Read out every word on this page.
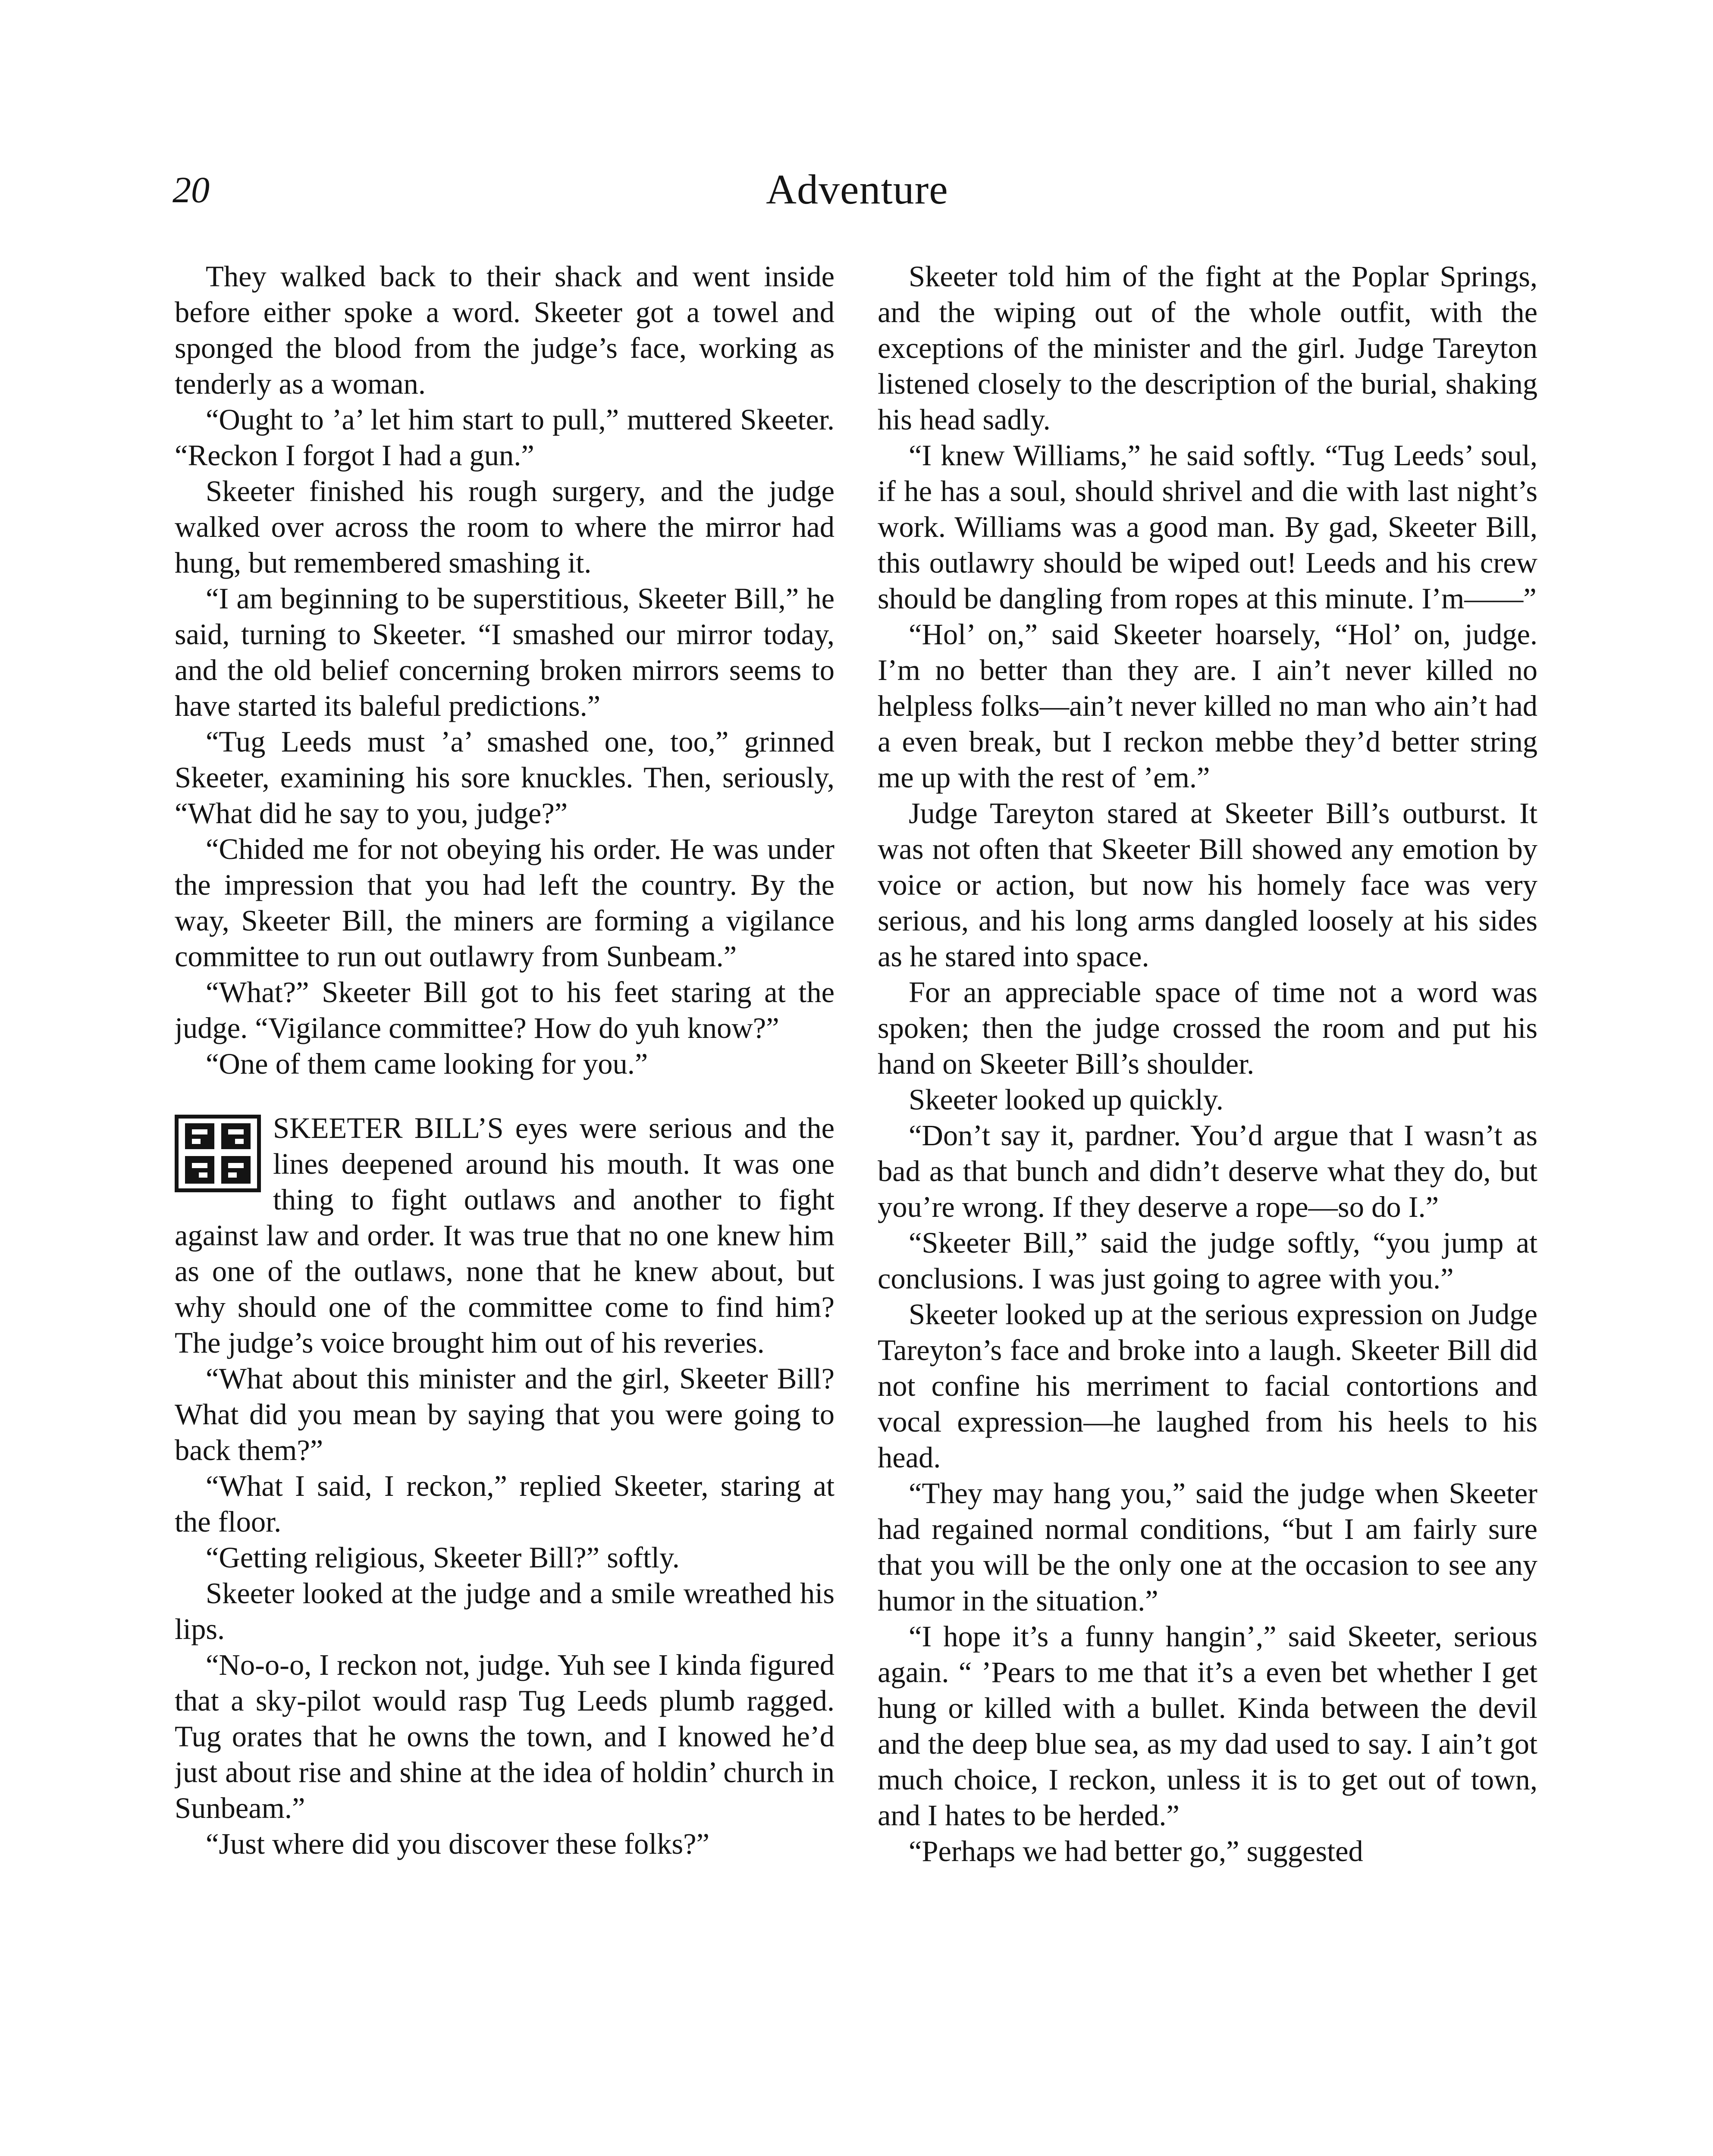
20	Adventure

They walked back to their shack and went inside before either spoke a word. Skeeter got a towel and sponged the blood from the judge’s face, working as tenderly as a woman.

“Ought to ’a’ let him start to pull,” muttered Skeeter. “Reckon I forgot I had a gun.”

Skeeter finished his rough surgery, and the judge walked over across the room to where the mirror had hung, but remembered smashing it.

“I am beginning to be superstitious, Skeeter Bill,” he said, turning to Skeeter. “I smashed our mirror today, and the old belief concerning broken mirrors seems to have started its baleful predictions.”

“Tug Leeds must ’a’ smashed one, too,” grinned Skeeter, examining his sore knuckles. Then, seriously, “What did he say to you, judge?”

“Chided me for not obeying his order. He was under the impression that you had left the country. By the way, Skeeter Bill, the miners are forming a vigilance committee to run out outlawry from Sunbeam.”

“What?” Skeeter Bill got to his feet staring at the judge. “Vigilance committee? How do yuh know?”

“One of them came looking for you.”

SKEETER BILL’S eyes were serious and the lines deepened around his mouth. It was one thing to fight outlaws and another to fight against law and order. It was true that no one knew him as one of the outlaws, none that he knew about, but why should one of the committee come to find him? The judge’s voice brought him out of his reveries.

“What about this minister and the girl, Skeeter Bill? What did you mean by saying that you were going to back them?”

“What I said, I reckon,” replied Skeeter, staring at the floor.

“Getting religious, Skeeter Bill?” softly.

Skeeter looked at the judge and a smile wreathed his lips.

“No-o-o, I reckon not, judge. Yuh see I kinda figured that a sky-pilot would rasp Tug Leeds plumb ragged. Tug orates that he owns the town, and I knowed he’d just about rise and shine at the idea of holdin’ church in Sunbeam.”

“Just where did you discover these folks?”

Skeeter told him of the fight at the Poplar Springs, and the wiping out of the whole outfit, with the exceptions of the minister and the girl. Judge Tareyton listened closely to the description of the burial, shaking his head sadly.

“I knew Williams,” he said softly. “Tug Leeds’ soul, if he has a soul, should shrivel and die with last night’s work. Williams was a good man. By gad, Skeeter Bill, this outlawry should be wiped out! Leeds and his crew should be dangling from ropes at this minute. I’m——”

“Hol’ on,” said Skeeter hoarsely, “Hol’ on, judge. I’m no better than they are. I ain’t never killed no helpless folks—ain’t never killed no man who ain’t had a even break, but I reckon mebbe they’d better string me up with the rest of ’em.”

Judge Tareyton stared at Skeeter Bill’s outburst. It was not often that Skeeter Bill showed any emotion by voice or action, but now his homely face was very serious, and his long arms dangled loosely at his sides as he stared into space.

For an appreciable space of time not a word was spoken; then the judge crossed the room and put his hand on Skeeter Bill’s shoulder.

Skeeter looked up quickly.

“Don’t say it, pardner. You’d argue that I wasn’t as bad as that bunch and didn’t deserve what they do, but you’re wrong. If they deserve a rope—so do I.”

“Skeeter Bill,” said the judge softly, “you jump at conclusions. I was just going to agree with you.”

Skeeter looked up at the serious expression on Judge Tareyton’s face and broke into a laugh. Skeeter Bill did not confine his merriment to facial contortions and vocal expression—he laughed from his heels to his head.

“They may hang you,” said the judge when Skeeter had regained normal conditions, “but I am fairly sure that you will be the only one at the occasion to see any humor in the situation.”

“I hope it’s a funny hangin’,” said Skeeter, serious again. “ ’Pears to me that it’s a even bet whether I get hung or killed with a bullet. Kinda between the devil and the deep blue sea, as my dad used to say. I ain’t got much choice, I reckon, unless it is to get out of town, and I hates to be herded.”

“Perhaps we had better go,” suggested
